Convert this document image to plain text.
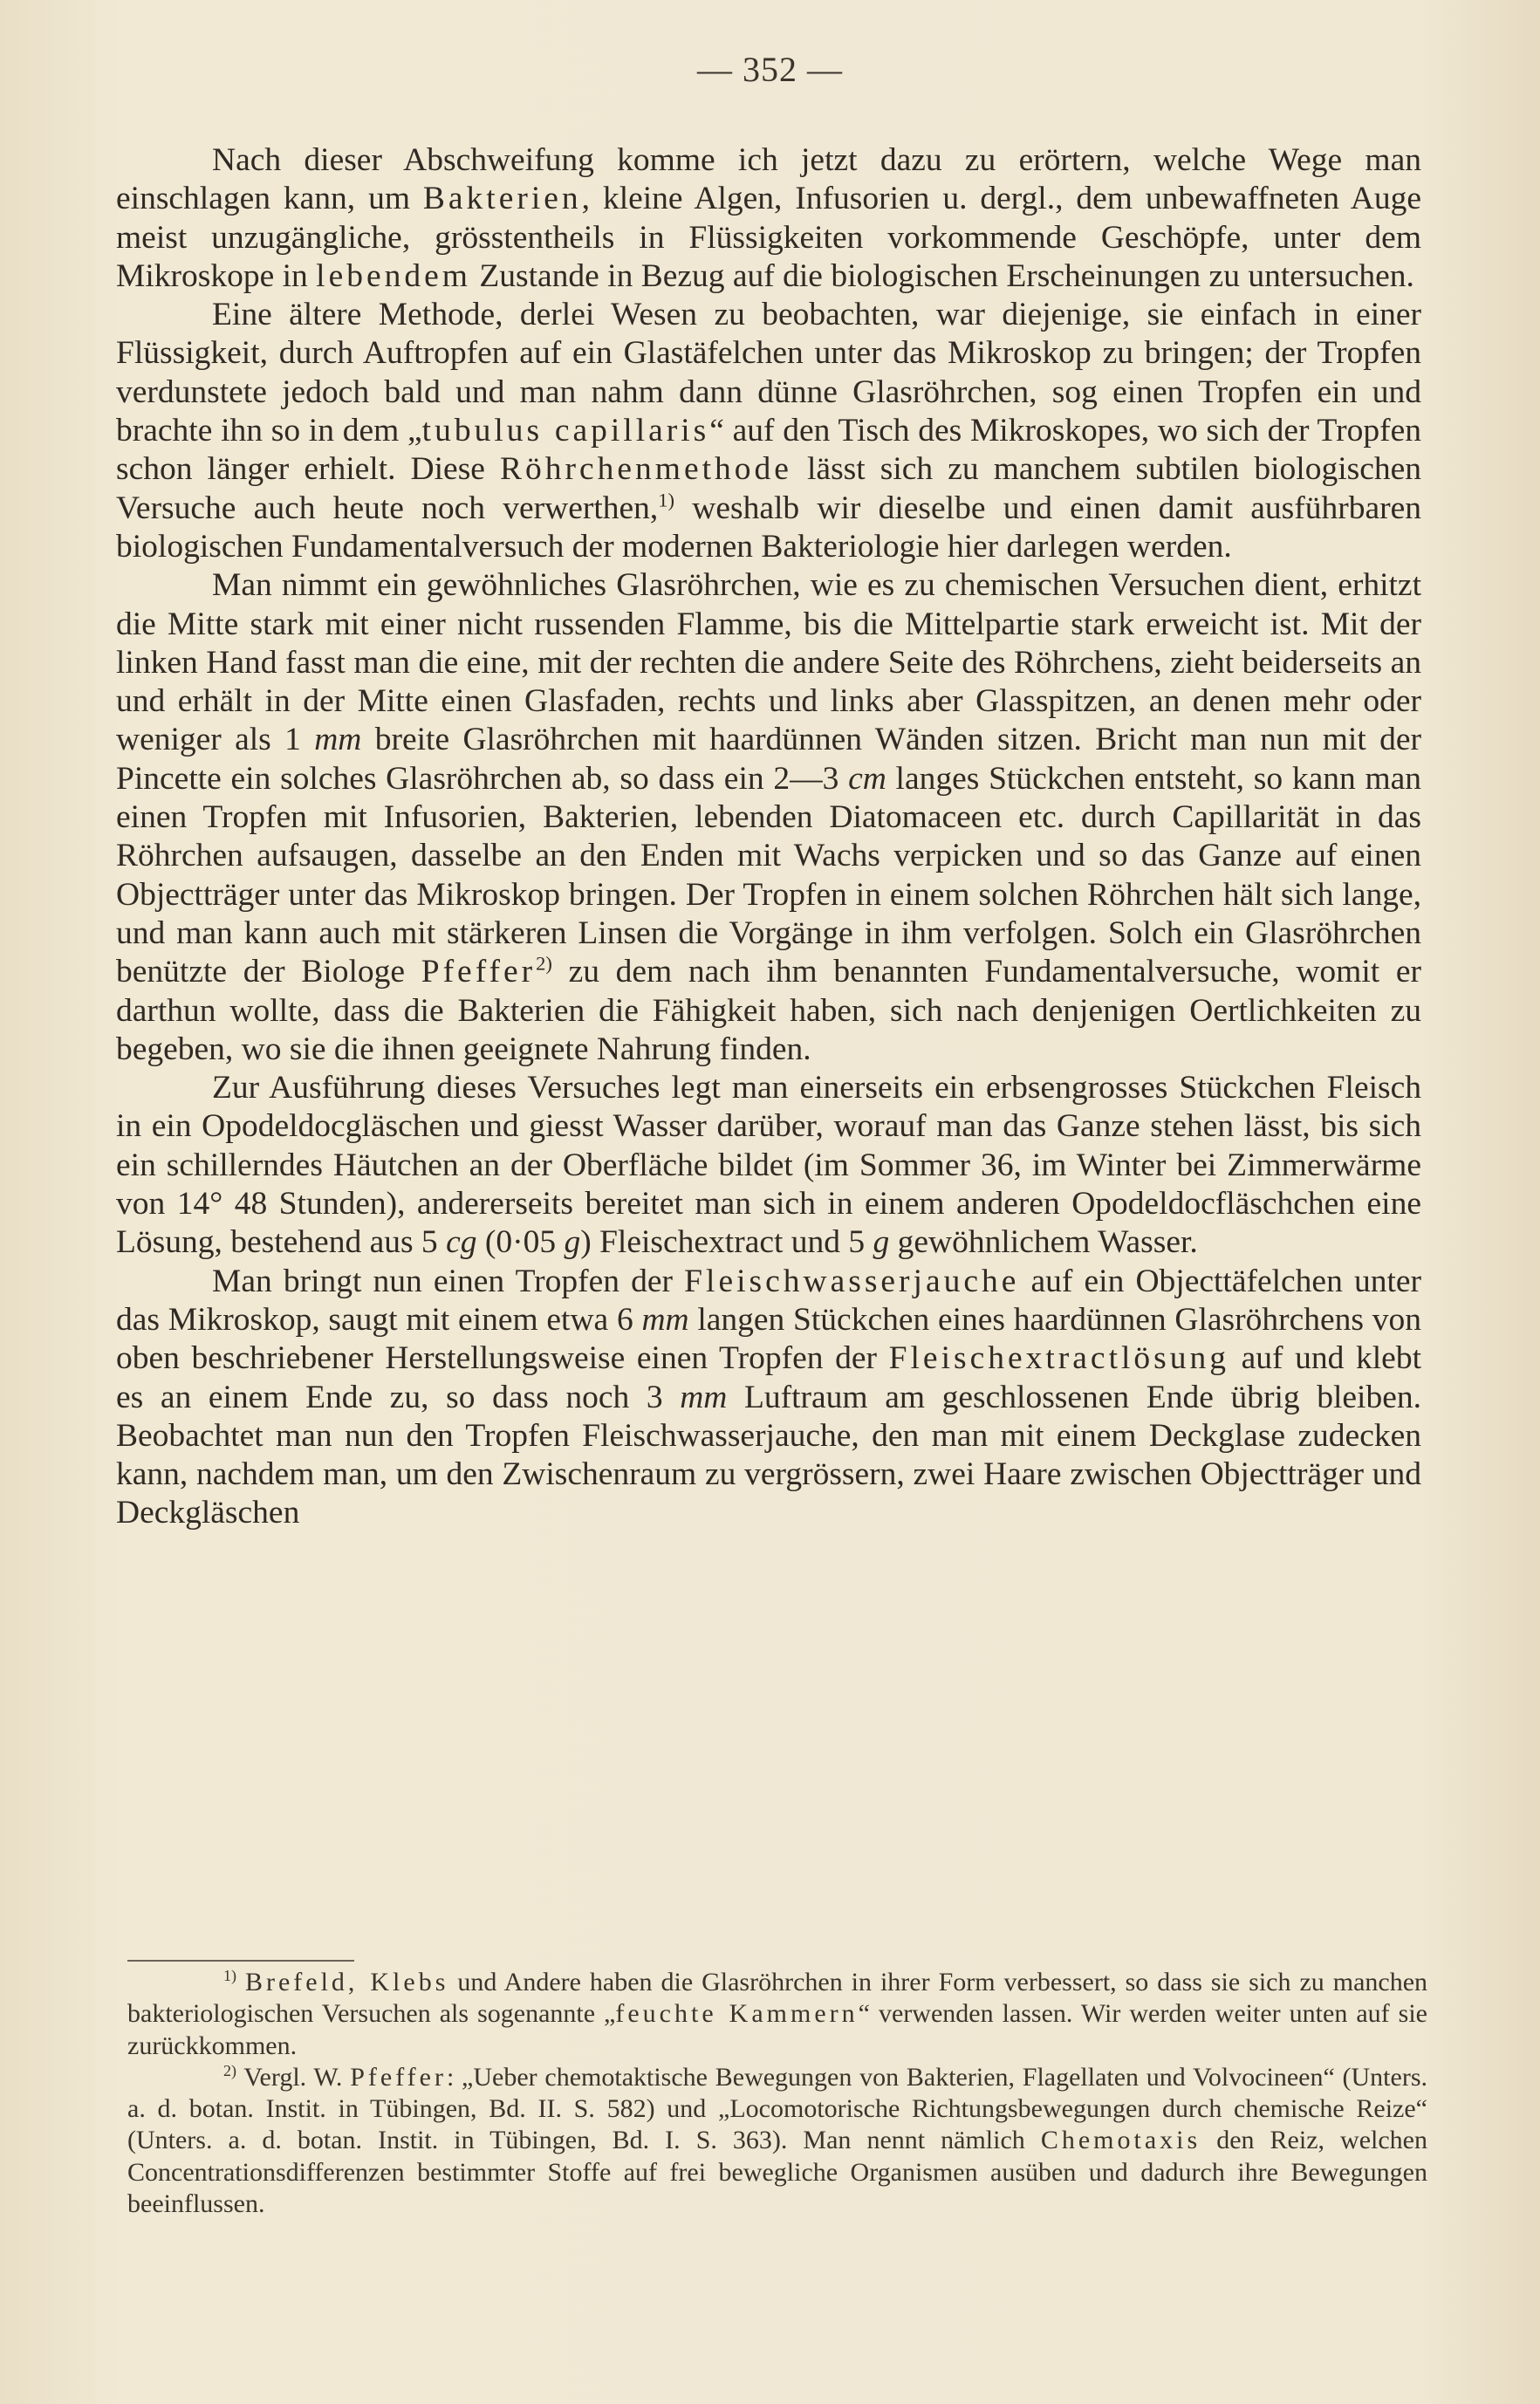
— 352 —

Nach dieser Abschweifung komme ich jetzt dazu zu erörtern, welche Wege man einschlagen kann, um Bakterien, kleine Algen, Infusorien u. dergl., dem unbewaffneten Auge meist unzugängliche, grösstentheils in Flüssigkeiten vorkommende Geschöpfe, unter dem Mikroskope in lebendem Zustande in Bezug auf die biologischen Erscheinungen zu untersuchen.

Eine ältere Methode, derlei Wesen zu beobachten, war diejenige, sie einfach in einer Flüssigkeit, durch Auftropfen auf ein Glastäfelchen unter das Mikroskop zu bringen; der Tropfen verdunstete jedoch bald und man nahm dann dünne Glasröhrchen, sog einen Tropfen ein und brachte ihn so in dem „tubulus capillaris“ auf den Tisch des Mikroskopes, wo sich der Tropfen schon länger erhielt. Diese Röhrchenmethode lässt sich zu manchem subtilen biologischen Versuche auch heute noch verwerthen,$^{1)}$ weshalb wir dieselbe und einen damit ausführbaren biologischen Fundamentalversuch der modernen Bakteriologie hier darlegen werden.

Man nimmt ein gewöhnliches Glasröhrchen, wie es zu chemischen Versuchen dient, erhitzt die Mitte stark mit einer nicht russenden Flamme, bis die Mittelpartie stark erweicht ist. Mit der linken Hand fasst man die eine, mit der rechten die andere Seite des Röhrchens, zieht beiderseits an und erhält in der Mitte einen Glasfaden, rechts und links aber Glasspitzen, an denen mehr oder weniger als 1 mm breite Glasröhrchen mit haardünnen Wänden sitzen. Bricht man nun mit der Pincette ein solches Glasröhrchen ab, so dass ein 2—3 cm langes Stückchen entsteht, so kann man einen Tropfen mit Infusorien, Bakterien, lebenden Diatomaceen etc. durch Capillarität in das Röhrchen aufsaugen, dasselbe an den Enden mit Wachs verpicken und so das Ganze auf einen Objectträger unter das Mikroskop bringen. Der Tropfen in einem solchen Röhrchen hält sich lange, und man kann auch mit stärkeren Linsen die Vorgänge in ihm verfolgen. Solch ein Glasröhrchen benützte der Biologe Pfeffer$^{2)}$ zu dem nach ihm benannten Fundamentalversuche, womit er darthun wollte, dass die Bakterien die Fähigkeit haben, sich nach denjenigen Oertlichkeiten zu begeben, wo sie die ihnen geeignete Nahrung finden.

Zur Ausführung dieses Versuches legt man einerseits ein erbsengrosses Stückchen Fleisch in ein Opodeldocgläschen und giesst Wasser darüber, worauf man das Ganze stehen lässt, bis sich ein schillerndes Häutchen an der Oberfläche bildet (im Sommer 36, im Winter bei Zimmerwärme von 14° 48 Stunden), andererseits bereitet man sich in einem anderen Opodeldocfläschchen eine Lösung, bestehend aus 5 cg (0·05 g) Fleischextract und 5 g gewöhnlichem Wasser.

Man bringt nun einen Tropfen der Fleischwasserjauche auf ein Objecttäfelchen unter das Mikroskop, saugt mit einem etwa 6 mm langen Stückchen eines haardünnen Glasröhrchens von oben beschriebener Herstellungsweise einen Tropfen der Fleischextractlösung auf und klebt es an einem Ende zu, so dass noch 3 mm Luftraum am geschlossenen Ende übrig bleiben. Beobachtet man nun den Tropfen Fleischwasserjauche, den man mit einem Deckglase zudecken kann, nachdem man, um den Zwischenraum zu vergrössern, zwei Haare zwischen Objectträger und Deckgläschen

$^{1)}$ Brefeld, Klebs und Andere haben die Glasröhrchen in ihrer Form verbessert, so dass sie sich zu manchen bakteriologischen Versuchen als sogenannte „feuchte Kammern“ verwenden lassen. Wir werden weiter unten auf sie zurückkommen.

$^{2)}$ Vergl. W. Pfeffer: „Ueber chemotaktische Bewegungen von Bakterien, Flagellaten und Volvocineen“ (Unters. a. d. botan. Instit. in Tübingen, Bd. II. S. 582) und „Locomotorische Richtungsbewegungen durch chemische Reize“ (Unters. a. d. botan. Instit. in Tübingen, Bd. I. S. 363). Man nennt nämlich Chemotaxis den Reiz, welchen Concentrationsdifferenzen bestimmter Stoffe auf frei bewegliche Organismen ausüben und dadurch ihre Bewegungen beeinflussen.
